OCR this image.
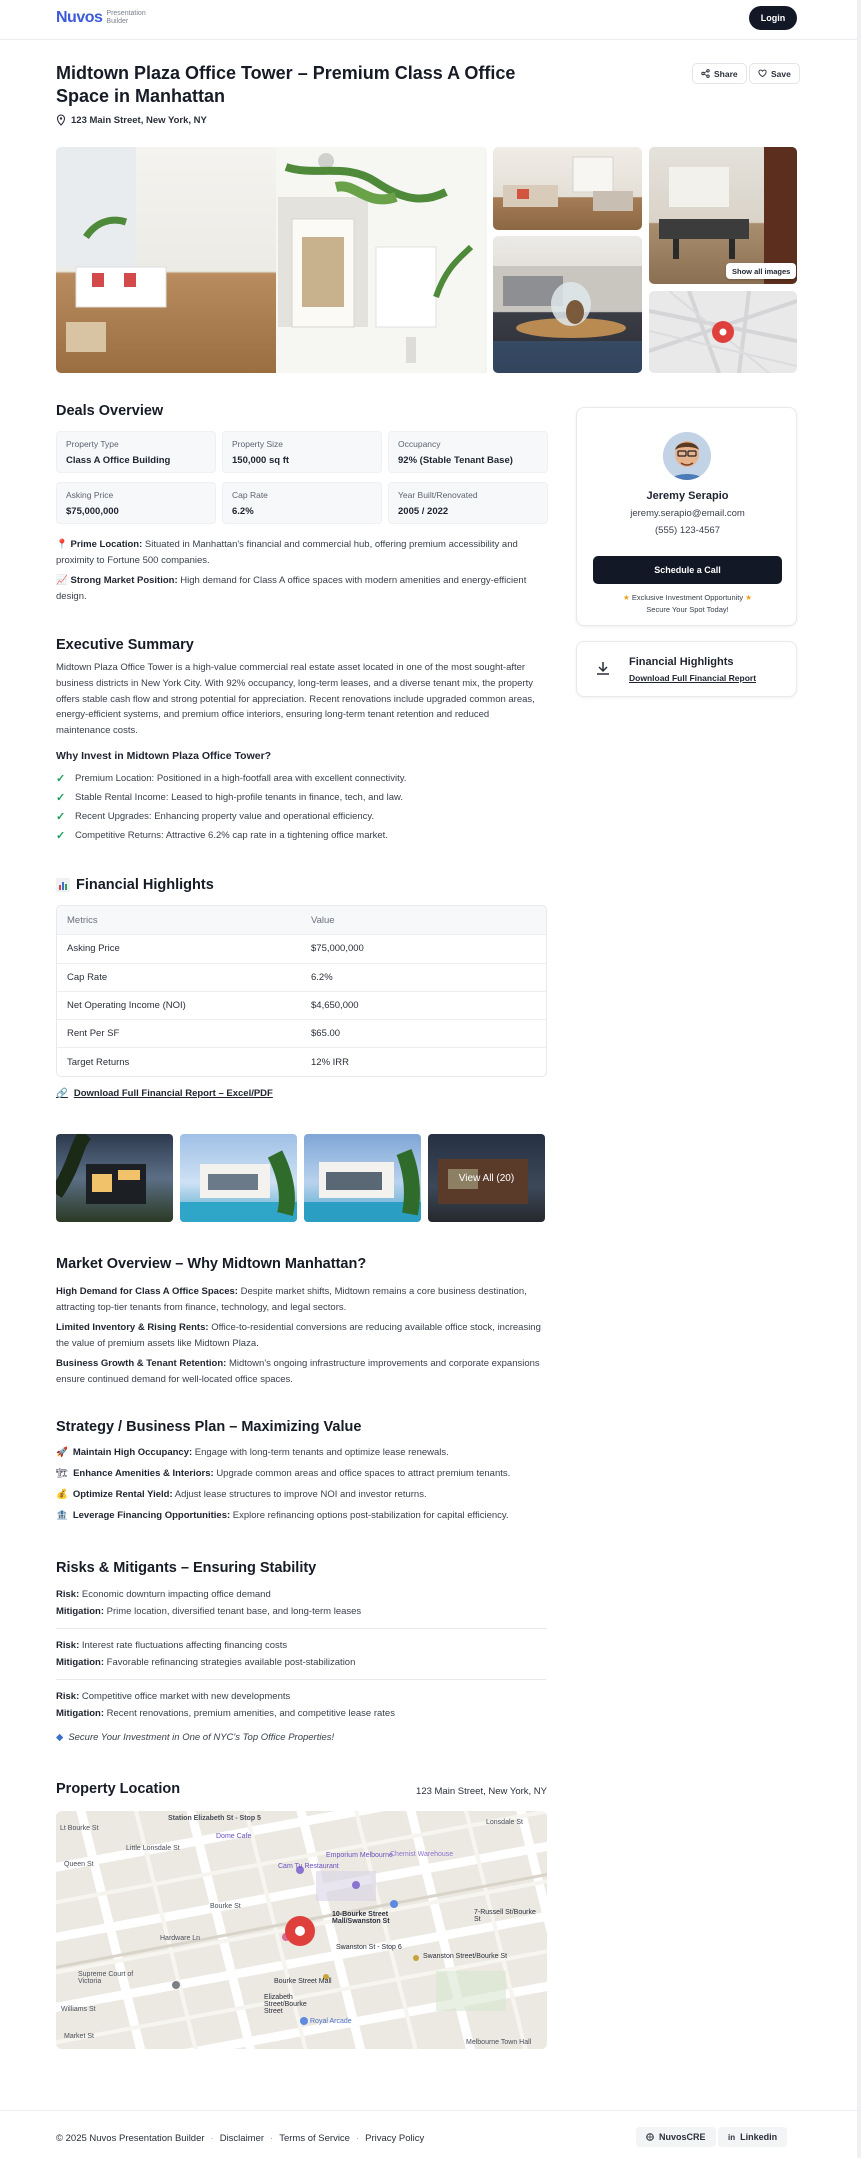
Nuvos Presentation Builder	Login
Midtown Plaza Office Tower – Premium Class A Office Space in Manhattan
123 Main Street, New York, NY
Share	Save
Show all images
Deals Overview
Property Type
Class A Office Building
Property Size
150,000 sq ft
Occupancy
92% (Stable Tenant Base)
Asking Price
$75,000,000
Cap Rate
6.2%
Year Built/Renovated
2005 / 2022
📍 Prime Location: Situated in Manhattan's financial and commercial hub, offering premium accessibility and proximity to Fortune 500 companies.
📈 Strong Market Position: High demand for Class A office spaces with modern amenities and energy-efficient design.
Jeremy Serapio
jeremy.serapio@email.com
(555) 123-4567
Schedule a Call
★ Exclusive Investment Opportunity ★
Secure Your Spot Today!
Financial Highlights
Download Full Financial Report
Executive Summary
Midtown Plaza Office Tower is a high-value commercial real estate asset located in one of the most sought-after business districts in New York City. With 92% occupancy, long-term leases, and a diverse tenant mix, the property offers stable cash flow and strong potential for appreciation. Recent renovations include upgraded common areas, energy-efficient systems, and premium office interiors, ensuring long-term tenant retention and reduced maintenance costs.
Why Invest in Midtown Plaza Office Tower?
✓ Premium Location: Positioned in a high-footfall area with excellent connectivity.
✓ Stable Rental Income: Leased to high-profile tenants in finance, tech, and law.
✓ Recent Upgrades: Enhancing property value and operational efficiency.
✓ Competitive Returns: Attractive 6.2% cap rate in a tightening office market.
Financial Highlights
Metrics	Value
Asking Price	$75,000,000
Cap Rate	6.2%
Net Operating Income (NOI)	$4,650,000
Rent Per SF	$65.00
Target Returns	12% IRR
🔗 Download Full Financial Report – Excel/PDF
View All (20)
Market Overview – Why Midtown Manhattan?
High Demand for Class A Office Spaces: Despite market shifts, Midtown remains a core business destination, attracting top-tier tenants from finance, technology, and legal sectors.
Limited Inventory & Rising Rents: Office-to-residential conversions are reducing available office stock, increasing the value of premium assets like Midtown Plaza.
Business Growth & Tenant Retention: Midtown's ongoing infrastructure improvements and corporate expansions ensure continued demand for well-located office spaces.
Strategy / Business Plan – Maximizing Value
🚀 Maintain High Occupancy: Engage with long-term tenants and optimize lease renewals.
🏗 Enhance Amenities & Interiors: Upgrade common areas and office spaces to attract premium tenants.
💰 Optimize Rental Yield: Adjust lease structures to improve NOI and investor returns.
🏦 Leverage Financing Opportunities: Explore refinancing options post-stabilization for capital efficiency.
Risks & Mitigants – Ensuring Stability
Risk: Economic downturn impacting office demand
Mitigation: Prime location, diversified tenant base, and long-term leases
Risk: Interest rate fluctuations affecting financing costs
Mitigation: Favorable refinancing strategies available post-stabilization
Risk: Competitive office market with new developments
Mitigation: Recent renovations, premium amenities, and competitive lease rates
◆ Secure Your Investment in One of NYC's Top Office Properties!
Property Location	123 Main Street, New York, NY
Station Elizabeth St - Stop 5
Lt Bourke St
Little Lonsdale St
Emporium Melbourne
10-Bourke Street Mall/Swanston St
Swanston St - Stop 6
Swanston Street/Bourke St
Elizabeth Street/Bourke Street
Bourke Street Mall
Supreme Court of Victoria
Royal Arcade
Melbourne Town Hall
Chemist Warehouse
7-Russell St/Bourke St
Queen St
Williams St
Market St
Lonsdale St
Bourke St
Hardware Ln
Dome Cafe
Cam Tu Restaurant
© 2025 Nuvos Presentation Builder · Disclaimer · Terms of Service · Privacy Policy	NuvosCRE	in Linkedin
